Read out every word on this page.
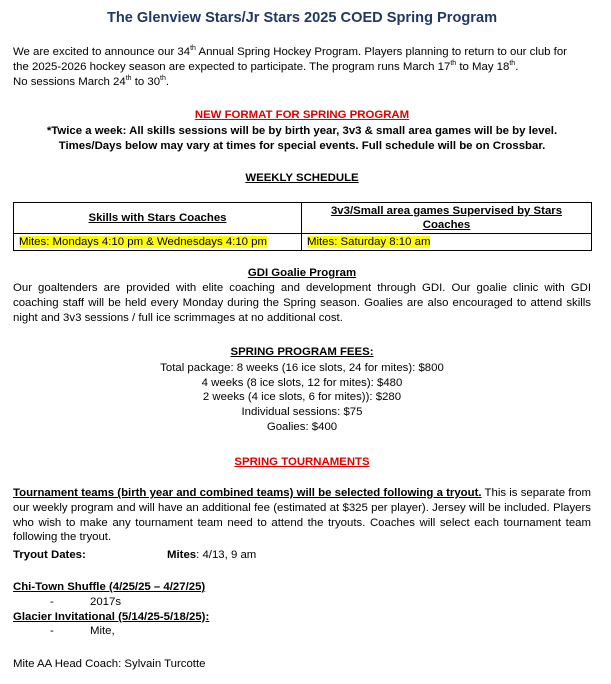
The Glenview Stars/Jr Stars 2025 COED Spring Program
We are excited to announce our 34th Annual Spring Hockey Program. Players planning to return to our club for
the 2025-2026 hockey season are expected to participate. The program runs March 17th to May 18th.
No sessions March 24th to 30th.
NEW FORMAT FOR SPRING PROGRAM
*Twice a week: All skills sessions will be by birth year, 3v3 & small area games will be by level.
Times/Days below may vary at times for special events. Full schedule will be on Crossbar.
WEEKLY SCHEDULE
Skills with Stars Coaches	3v3/Small area games Supervised by Stars Coaches
Mites: Mondays 4:10 pm & Wednesdays 4:10 pm	Mites: Saturday 8:10 am
GDI Goalie Program
Our goaltenders are provided with elite coaching and development through GDI. Our goalie clinic with GDI coaching staff will be held every Monday during the Spring season. Goalies are also encouraged to attend skills night and 3v3 sessions / full ice scrimmages at no additional cost.
SPRING PROGRAM FEES:
Total package: 8 weeks (16 ice slots, 24 for mites): $800
4 weeks (8 ice slots, 12 for mites): $480
2 weeks (4 ice slots, 6 for mites)): $280
Individual sessions: $75
Goalies: $400
SPRING TOURNAMENTS
Tournament teams (birth year and combined teams) will be selected following a tryout. This is separate from our weekly program and will have an additional fee (estimated at $325 per player). Jersey will be included. Players who wish to make any tournament team need to attend the tryouts. Coaches will select each tournament team following the tryout.
Tryout Dates:	Mites: 4/13, 9 am
Chi-Town Shuffle (4/25/25 – 4/27/25)
-	2017s
Glacier Invitational (5/14/25-5/18/25):
-	Mite,
Mite AA Head Coach: Sylvain Turcotte
